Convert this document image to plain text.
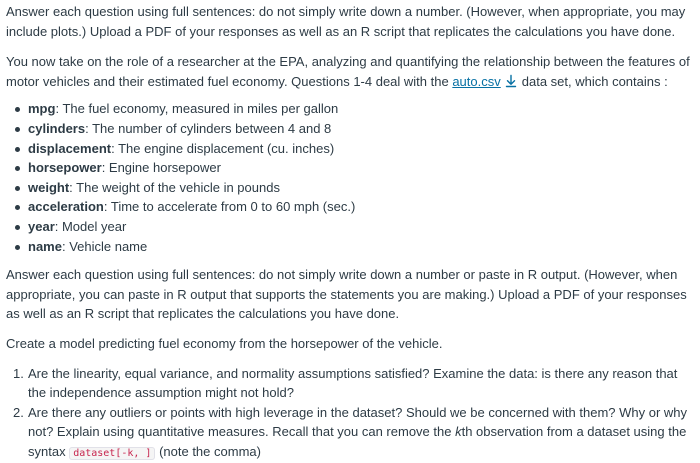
Answer each question using full sentences: do not simply write down a number. (However, when appropriate, you may include plots.) Upload a PDF of your responses as well as an R script that replicates the calculations you have done.

You now take on the role of a researcher at the EPA, analyzing and quantifying the relationship between the features of motor vehicles and their estimated fuel economy. Questions 1-4 deal with the auto.csv data set, which contains :

mpg: The fuel economy, measured in miles per gallon
cylinders: The number of cylinders between 4 and 8
displacement: The engine displacement (cu. inches)
horsepower: Engine horsepower
weight: The weight of the vehicle in pounds
acceleration: Time to accelerate from 0 to 60 mph (sec.)
year: Model year
name: Vehicle name

Answer each question using full sentences: do not simply write down a number or paste in R output. (However, when appropriate, you can paste in R output that supports the statements you are making.) Upload a PDF of your responses as well as an R script that replicates the calculations you have done.

Create a model predicting fuel economy from the horsepower of the vehicle.

1. Are the linearity, equal variance, and normality assumptions satisfied? Examine the data: is there any reason that the independence assumption might not hold?
2. Are there any outliers or points with high leverage in the dataset? Should we be concerned with them? Why or why not? Explain using quantitative measures. Recall that you can remove the kth observation from a dataset using the syntax dataset[-k, ] (note the comma)
